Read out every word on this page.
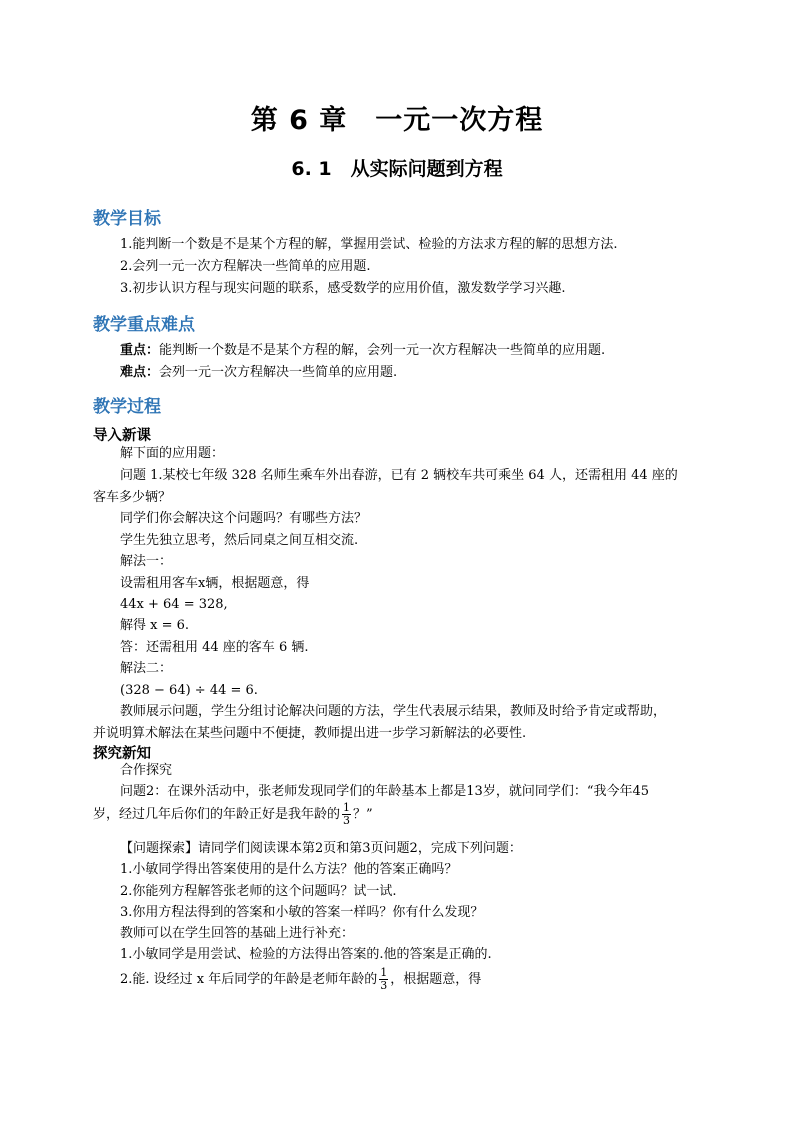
第 6 章　一元一次方程
6. 1　从实际问题到方程
教学目标
1.能判断一个数是不是某个方程的解，掌握用尝试、检验的方法求方程的解的思想方法.
2.会列一元一次方程解决一些简单的应用题.
3.初步认识方程与现实问题的联系，感受数学的应用价值，激发数学学习兴趣.
教学重点难点
重点：能判断一个数是不是某个方程的解，会列一元一次方程解决一些简单的应用题.
难点：会列一元一次方程解决一些简单的应用题.
教学过程
导入新课
解下面的应用题：
问题 1.某校七年级 328 名师生乘车外出春游，已有 2 辆校车共可乘坐 64 人，还需租用 44 座的
客车多少辆？
同学们你会解决这个问题吗？有哪些方法？
学生先独立思考，然后同桌之间互相交流.
解法一：
设需租用客车x辆，根据题意，得
44x + 64 = 328,
解得 x = 6.
答：还需租用 44 座的客车 6 辆.
解法二：
(328 − 64) ÷ 44 = 6.
教师展示问题，学生分组讨论解决问题的方法，学生代表展示结果，教师及时给予肯定或帮助，
并说明算术解法在某些问题中不便捷，教师提出进一步学习新解法的必要性.
探究新知
合作探究
问题2：在课外活动中，张老师发现同学们的年龄基本上都是13岁，就问同学们：“我今年45
岁，经过几年后你们的年龄正好是我年龄的 $\frac{1}{3}$ ？”
【问题探索】请同学们阅读课本第2页和第3页问题2，完成下列问题：
1.小敏同学得出答案使用的是什么方法？他的答案正确吗？
2.你能列方程解答张老师的这个问题吗？试一试.
3.你用方程法得到的答案和小敏的答案一样吗？你有什么发现？
教师可以在学生回答的基础上进行补充：
1.小敏同学是用尝试、检验的方法得出答案的.他的答案是正确的.
2.能. 设经过 x 年后同学的年龄是老师年龄的 $\frac{1}{3}$ ，根据题意，得
